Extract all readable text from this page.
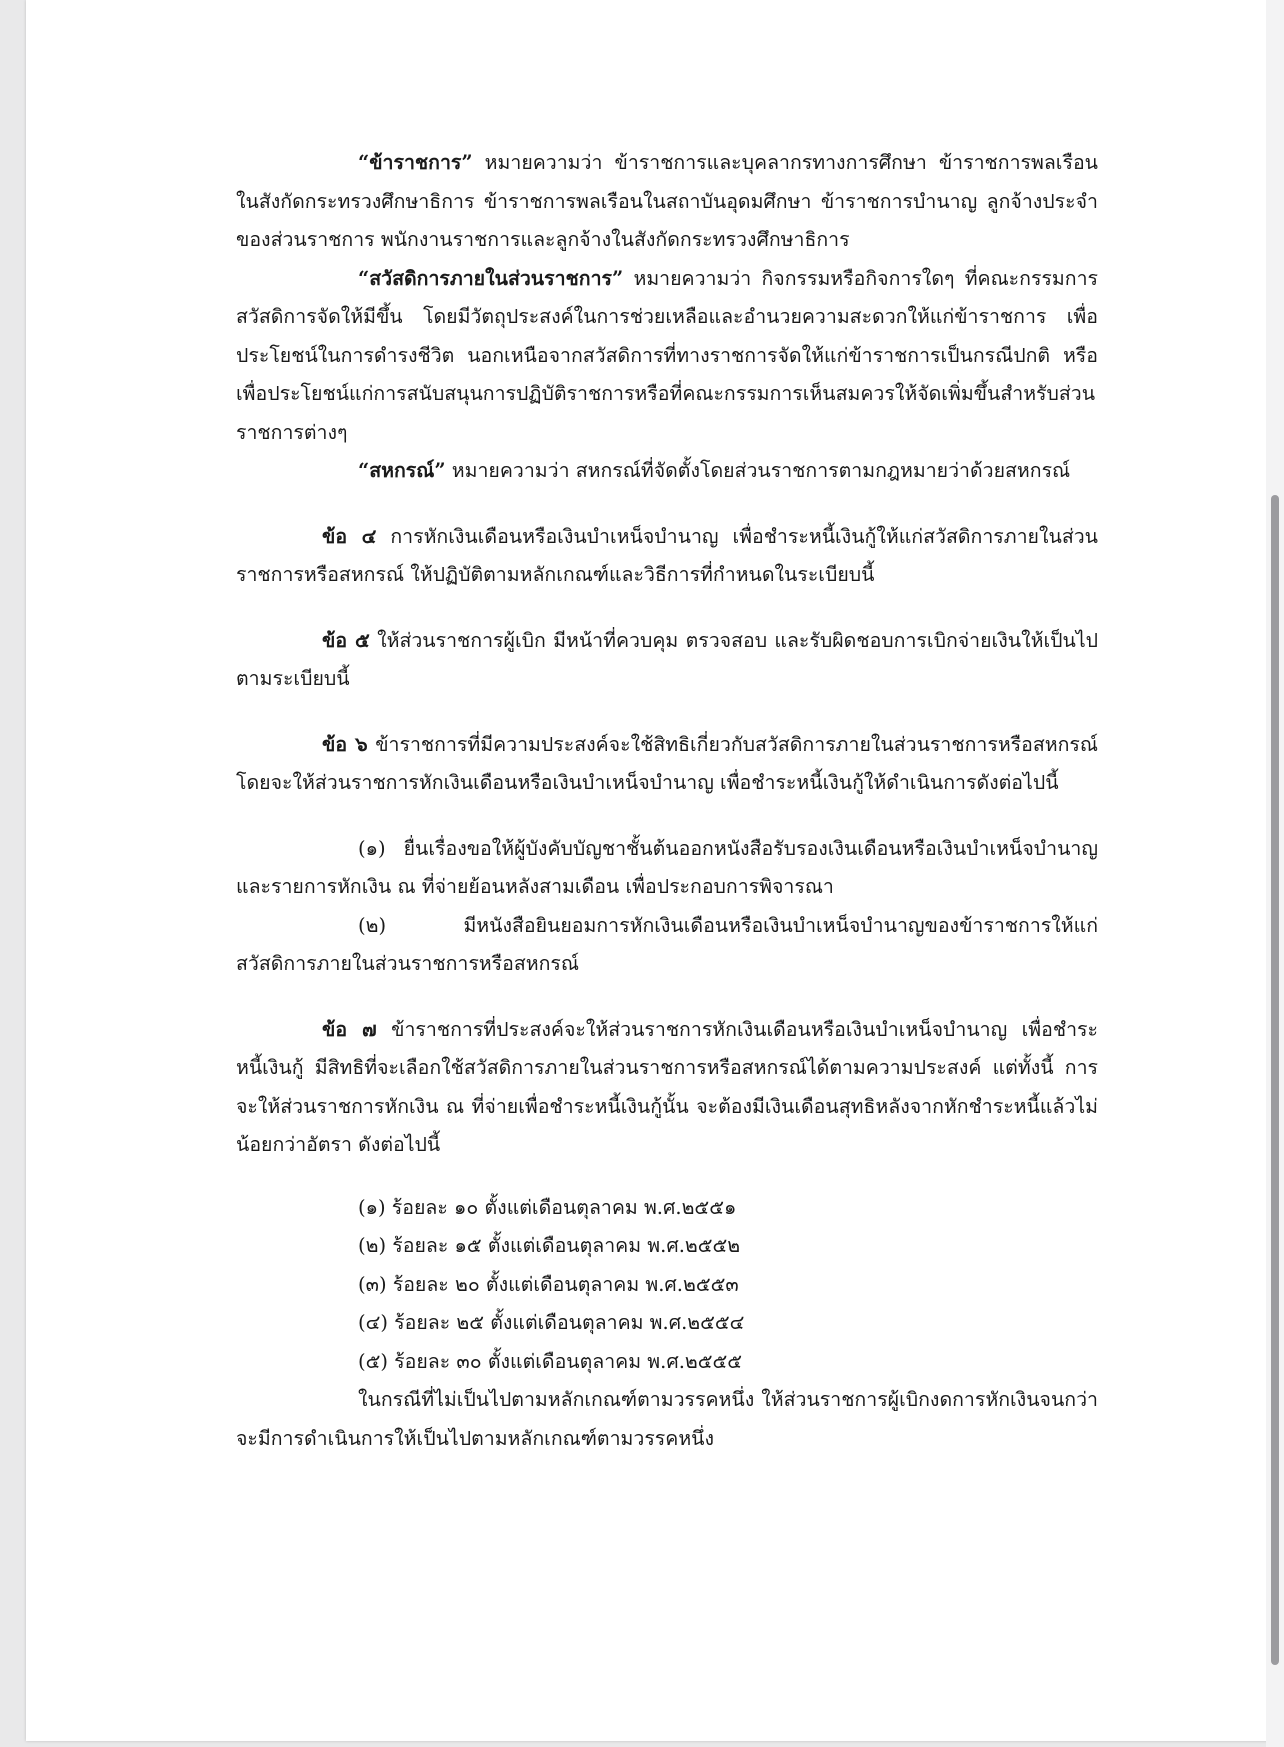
“ข้าราชการ” หมายความว่า ข้าราชการและบุคลากรทางการศึกษา ข้าราชการพลเรือนในสังกัดกระทรวงศึกษาธิการ ข้าราชการพลเรือนในสถาบันอุดมศึกษา ข้าราชการบำนาญ ลูกจ้างประจำของส่วนราชการ พนักงานราชการและลูกจ้างในสังกัดกระทรวงศึกษาธิการ

“สวัสดิการภายในส่วนราชการ” หมายความว่า กิจกรรมหรือกิจการใดๆ ที่คณะกรรมการสวัสดิการจัดให้มีขึ้น โดยมีวัตถุประสงค์ในการช่วยเหลือและอำนวยความสะดวกให้แก่ข้าราชการ เพื่อประโยชน์ในการดำรงชีวิต นอกเหนือจากสวัสดิการที่ทางราชการจัดให้แก่ข้าราชการเป็นกรณีปกติ หรือเพื่อประโยชน์แก่การสนับสนุนการปฏิบัติราชการหรือที่คณะกรรมการเห็นสมควรให้จัดเพิ่มขึ้นสำหรับส่วนราชการต่างๆ

“สหกรณ์” หมายความว่า สหกรณ์ที่จัดตั้งโดยส่วนราชการตามกฎหมายว่าด้วยสหกรณ์

ข้อ ๔ การหักเงินเดือนหรือเงินบำเหน็จบำนาญ เพื่อชำระหนี้เงินกู้ให้แก่สวัสดิการภายในส่วนราชการหรือสหกรณ์ ให้ปฏิบัติตามหลักเกณฑ์และวิธีการที่กำหนดในระเบียบนี้

ข้อ ๕ ให้ส่วนราชการผู้เบิก มีหน้าที่ควบคุม ตรวจสอบ และรับผิดชอบการเบิกจ่ายเงินให้เป็นไปตามระเบียบนี้

ข้อ ๖ ข้าราชการที่มีความประสงค์จะใช้สิทธิเกี่ยวกับสวัสดิการภายในส่วนราชการหรือสหกรณ์ โดยจะให้ส่วนราชการหักเงินเดือนหรือเงินบำเหน็จบำนาญ เพื่อชำระหนี้เงินกู้ให้ดำเนินการดังต่อไปนี้

(๑) ยื่นเรื่องขอให้ผู้บังคับบัญชาชั้นต้นออกหนังสือรับรองเงินเดือนหรือเงินบำเหน็จบำนาญและรายการหักเงิน ณ ที่จ่ายย้อนหลังสามเดือน เพื่อประกอบการพิจารณา

(๒) มีหนังสือยินยอมการหักเงินเดือนหรือเงินบำเหน็จบำนาญของข้าราชการให้แก่สวัสดิการภายในส่วนราชการหรือสหกรณ์

ข้อ ๗ ข้าราชการที่ประสงค์จะให้ส่วนราชการหักเงินเดือนหรือเงินบำเหน็จบำนาญ เพื่อชำระหนี้เงินกู้ มีสิทธิที่จะเลือกใช้สวัสดิการภายในส่วนราชการหรือสหกรณ์ได้ตามความประสงค์ แต่ทั้งนี้ การจะให้ส่วนราชการหักเงิน ณ ที่จ่ายเพื่อชำระหนี้เงินกู้นั้น จะต้องมีเงินเดือนสุทธิหลังจากหักชำระหนี้แล้วไม่น้อยกว่าอัตรา ดังต่อไปนี้

(๑) ร้อยละ ๑๐ ตั้งแต่เดือนตุลาคม พ.ศ.๒๕๕๑

(๒) ร้อยละ ๑๕ ตั้งแต่เดือนตุลาคม พ.ศ.๒๕๕๒

(๓) ร้อยละ ๒๐ ตั้งแต่เดือนตุลาคม พ.ศ.๒๕๕๓

(๔) ร้อยละ ๒๕ ตั้งแต่เดือนตุลาคม พ.ศ.๒๕๕๔

(๕) ร้อยละ ๓๐ ตั้งแต่เดือนตุลาคม พ.ศ.๒๕๕๕

ในกรณีที่ไม่เป็นไปตามหลักเกณฑ์ตามวรรคหนึ่ง ให้ส่วนราชการผู้เบิกงดการหักเงินจนกว่าจะมีการดำเนินการให้เป็นไปตามหลักเกณฑ์ตามวรรคหนึ่ง
